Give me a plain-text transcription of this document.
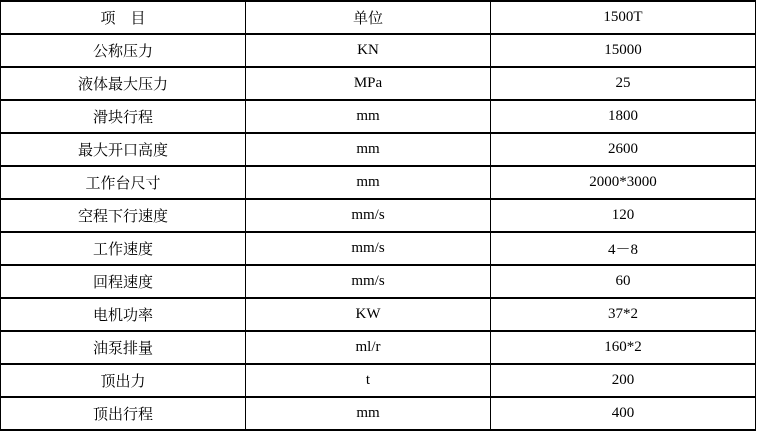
项　目	单位	1500T
公称压力	KN	15000
液体最大压力	MPa	25
滑块行程	mm	1800
最大开口高度	mm	2600
工作台尺寸	mm	2000*3000
空程下行速度	mm/s	120
工作速度	mm/s	4－8
回程速度	mm/s	60
电机功率	KW	37*2
油泵排量	ml/r	160*2
顶出力	t	200
顶出行程	mm	400
